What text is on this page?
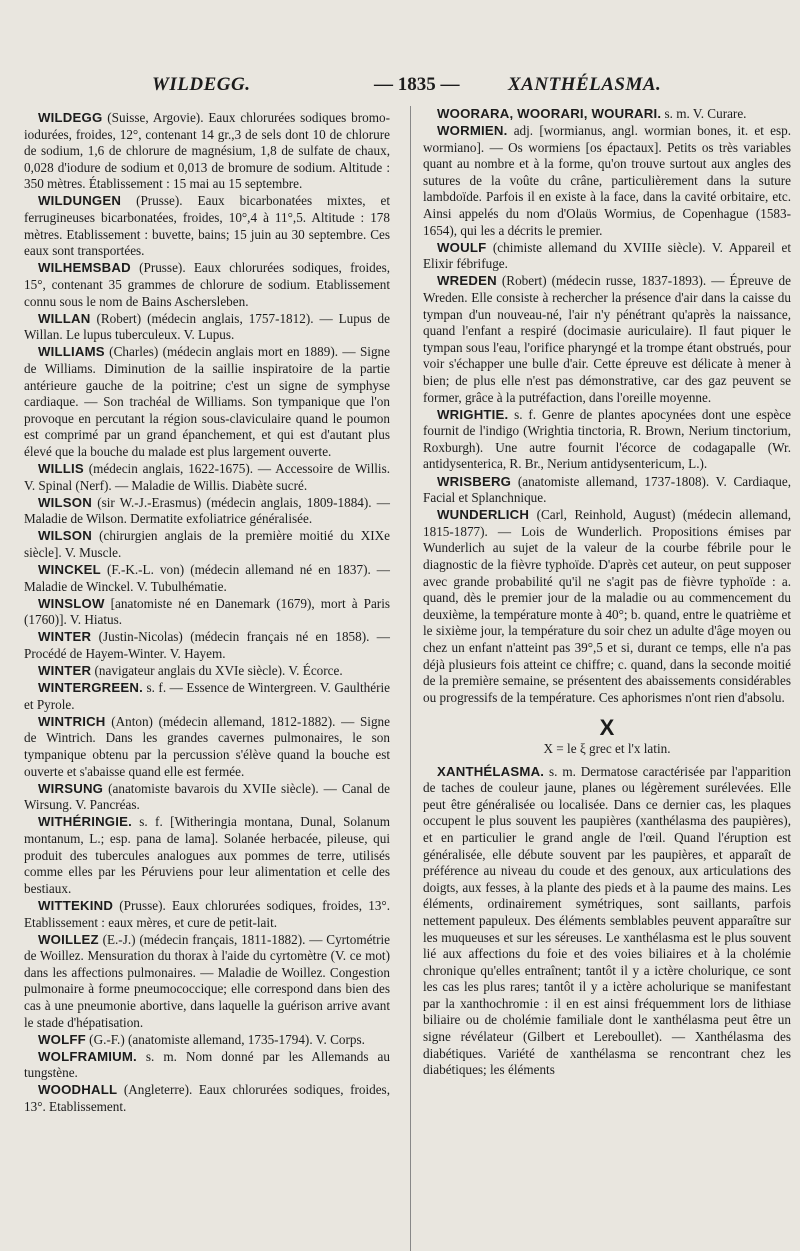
WILDEGG.	— 1835 —	XANTHÉLASMA.

WILDEGG (Suisse, Argovie). Eaux chlorurées sodiques bromo-iodurées, froides, 12°, contenant 14 gr.,3 de sels dont 10 de chlorure de sodium, 1,6 de chlorure de magnésium, 1,8 de sulfate de chaux, 0,028 d'iodure de sodium et 0,013 de bromure de sodium. Altitude : 350 mètres. Établissement : 15 mai au 15 septembre.

WILDUNGEN (Prusse). Eaux bicarbonatées mixtes, et ferrugineuses bicarbonatées, froides, 10°,4 à 11°,5. Altitude : 178 mètres. Etablissement : buvette, bains; 15 juin au 30 septembre. Ces eaux sont transportées.

WILHEMSBAD (Prusse). Eaux chlorurées sodiques, froides, 15°, contenant 35 grammes de chlorure de sodium. Etablissement connu sous le nom de Bains Aschersleben.

WILLAN (Robert) (médecin anglais, 1757-1812). — Lupus de Willan. Le lupus tuberculeux. V. Lupus.

WILLIAMS (Charles) (médecin anglais mort en 1889). — Signe de Williams. Diminution de la saillie inspiratoire de la partie antérieure gauche de la poitrine; c'est un signe de symphyse cardiaque. — Son trachéal de Williams. Son tympanique que l'on provoque en percutant la région sous-claviculaire quand le poumon est comprimé par un grand épanchement, et qui est d'autant plus élevé que la bouche du malade est plus largement ouverte.

WILLIS (médecin anglais, 1622-1675). — Accessoire de Willis. V. Spinal (Nerf). — Maladie de Willis. Diabète sucré.

WILSON (sir W.-J.-Erasmus) (médecin anglais, 1809-1884). — Maladie de Wilson. Dermatite exfoliatrice généralisée.

WILSON (chirurgien anglais de la première moitié du XIXe siècle]. V. Muscle.

WINCKEL (F.-K.-L. von) (médecin allemand né en 1837). — Maladie de Winckel. V. Tubulhématie.

WINSLOW [anatomiste né en Danemark (1679), mort à Paris (1760)]. V. Hiatus.

WINTER (Justin-Nicolas) (médecin français né en 1858). — Procédé de Hayem-Winter. V. Hayem.

WINTER (navigateur anglais du XVIe siècle). V. Écorce.

WINTERGREEN. s. f. — Essence de Wintergreen. V. Gaulthérie et Pyrole.

WINTRICH (Anton) (médecin allemand, 1812-1882). — Signe de Wintrich. Dans les grandes cavernes pulmonaires, le son tympanique obtenu par la percussion s'élève quand la bouche est ouverte et s'abaisse quand elle est fermée.

WIRSUNG (anatomiste bavarois du XVIIe siècle). — Canal de Wirsung. V. Pancréas.

WITHÉRINGIE. s. f. [Witheringia montana, Dunal, Solanum montanum, L.; esp. pana de lama]. Solanée herbacée, pileuse, qui produit des tubercules analogues aux pommes de terre, utilisés comme elles par les Péruviens pour leur alimentation et celle des bestiaux.

WITTEKIND (Prusse). Eaux chlorurées sodiques, froides, 13°. Etablissement : eaux mères, et cure de petit-lait.

WOILLEZ (E.-J.) (médecin français, 1811-1882). — Cyrtométrie de Woillez. Mensuration du thorax à l'aide du cyrtomètre (V. ce mot) dans les affections pulmonaires. — Maladie de Woillez. Congestion pulmonaire à forme pneumococcique; elle correspond dans bien des cas à une pneumonie abortive, dans laquelle la guérison arrive avant le stade d'hépatisation.

WOLFF (G.-F.) (anatomiste allemand, 1735-1794). V. Corps.

WOLFRAMIUM. s. m. Nom donné par les Allemands au tungstène.

WOODHALL (Angleterre). Eaux chlorurées sodiques, froides, 13°. Etablissement.

WOORARA, WOORARI, WOURARI. s. m. V. Curare.

WORMIEN. adj. [wormianus, angl. wormian bones, it. et esp. wormiano]. — Os wormiens [os épactaux]. Petits os très variables quant au nombre et à la forme, qu'on trouve surtout aux angles des sutures de la voûte du crâne, particulièrement dans la suture lambdoïde. Parfois il en existe à la face, dans la cavité orbitaire, etc. Ainsi appelés du nom d'Olaüs Wormius, de Copenhague (1583-1654), qui les a décrits le premier.

WOULF (chimiste allemand du XVIIIe siècle). V. Appareil et Elixir fébrifuge.

WREDEN (Robert) (médecin russe, 1837-1893). — Épreuve de Wreden. Elle consiste à rechercher la présence d'air dans la caisse du tympan d'un nouveau-né, l'air n'y pénétrant qu'après la naissance, quand l'enfant a respiré (docimasie auriculaire). Il faut piquer le tympan sous l'eau, l'orifice pharyngé et la trompe étant obstrués, pour voir s'échapper une bulle d'air. Cette épreuve est délicate à mener à bien; de plus elle n'est pas démonstrative, car des gaz peuvent se former, grâce à la putréfaction, dans l'oreille moyenne.

WRIGHTIE. s. f. Genre de plantes apocynées dont une espèce fournit de l'indigo (Wrightia tinctoria, R. Brown, Nerium tinctorium, Roxburgh). Une autre fournit l'écorce de codagapalle (Wr. antidysenterica, R. Br., Nerium antidysentericum, L.).

WRISBERG (anatomiste allemand, 1737-1808). V. Cardiaque, Facial et Splanchnique.

WUNDERLICH (Carl, Reinhold, August) (médecin allemand, 1815-1877). — Lois de Wunderlich. Propositions émises par Wunderlich au sujet de la valeur de la courbe fébrile pour le diagnostic de la fièvre typhoïde. D'après cet auteur, on peut supposer avec grande probabilité qu'il ne s'agit pas de fièvre typhoïde : a. quand, dès le premier jour de la maladie ou au commencement du deuxième, la température monte à 40°; b. quand, entre le quatrième et le sixième jour, la température du soir chez un adulte d'âge moyen ou chez un enfant n'atteint pas 39°,5 et si, durant ce temps, elle n'a pas déjà plusieurs fois atteint ce chiffre; c. quand, dans la seconde moitié de la première semaine, se présentent des abaissements considérables ou progressifs de la température. Ces aphorismes n'ont rien d'absolu.

X
X = le ξ grec et l'x latin.

XANTHÉLASMA. s. m. Dermatose caractérisée par l'apparition de taches de couleur jaune, planes ou légèrement surélevées. Elle peut être généralisée ou localisée. Dans ce dernier cas, les plaques occupent le plus souvent les paupières (xanthélasma des paupières), et en particulier le grand angle de l'œil. Quand l'éruption est généralisée, elle débute souvent par les paupières, et apparaît de préférence au niveau du coude et des genoux, aux articulations des doigts, aux fesses, à la plante des pieds et à la paume des mains. Les éléments, ordinairement symétriques, sont saillants, parfois nettement papuleux. Des éléments semblables peuvent apparaître sur les muqueuses et sur les séreuses. Le xanthélasma est le plus souvent lié aux affections du foie et des voies biliaires et à la cholémie chronique qu'elles entraînent; tantôt il y a ictère cholurique, ce sont les cas les plus rares; tantôt il y a ictère acholurique se manifestant par la xanthochromie : il en est ainsi fréquemment lors de lithiase biliaire ou de cholémie familiale dont le xanthélasma peut être un signe révélateur (Gilbert et Lereboullet). — Xanthélasma des diabétiques. Variété de xanthélasma se rencontrant chez les diabétiques; les éléments
